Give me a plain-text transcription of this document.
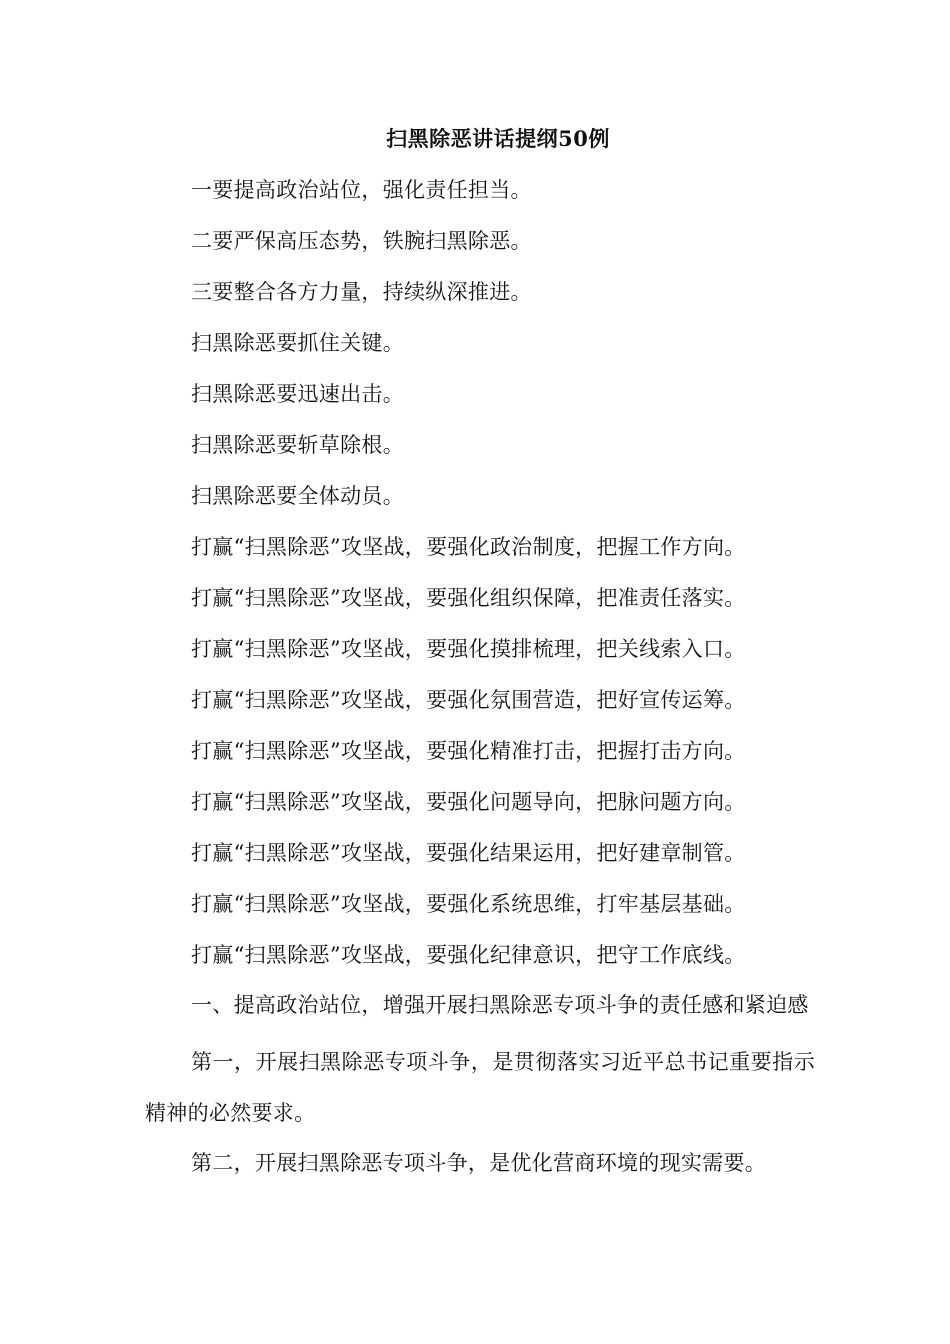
扫黑除恶讲话提纲50例

一要提高政治站位，强化责任担当。

二要严保高压态势，铁腕扫黑除恶。

三要整合各方力量，持续纵深推进。

扫黑除恶要抓住关键。

扫黑除恶要迅速出击。

扫黑除恶要斩草除根。

扫黑除恶要全体动员。

打赢“扫黑除恶”攻坚战，要强化政治制度，把握工作方向。

打赢“扫黑除恶”攻坚战，要强化组织保障，把准责任落实。

打赢“扫黑除恶”攻坚战，要强化摸排梳理，把关线索入口。

打赢“扫黑除恶”攻坚战，要强化氛围营造，把好宣传运筹。

打赢“扫黑除恶”攻坚战，要强化精准打击，把握打击方向。

打赢“扫黑除恶”攻坚战，要强化问题导向，把脉问题方向。

打赢“扫黑除恶”攻坚战，要强化结果运用，把好建章制管。

打赢“扫黑除恶”攻坚战，要强化系统思维，打牢基层基础。

打赢“扫黑除恶”攻坚战，要强化纪律意识，把守工作底线。

一、提高政治站位，增强开展扫黑除恶专项斗争的责任感和紧迫感

第一，开展扫黑除恶专项斗争，是贯彻落实习近平总书记重要指示精神的必然要求。

第二，开展扫黑除恶专项斗争，是优化营商环境的现实需要。
